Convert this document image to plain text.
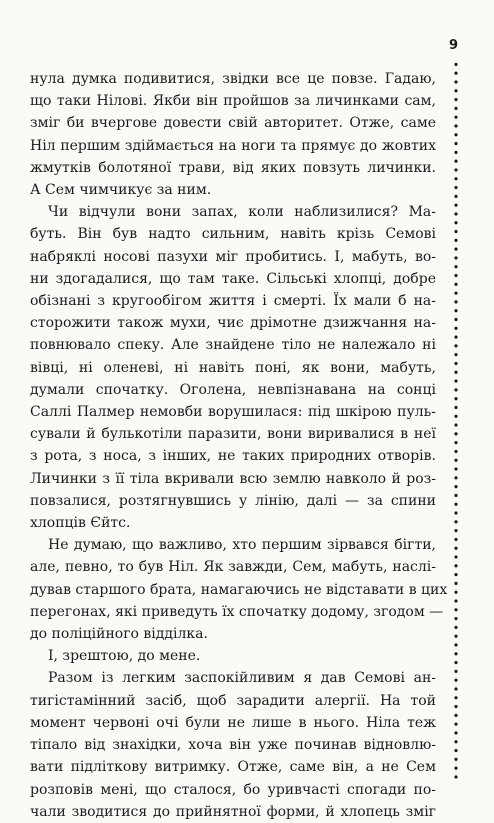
9

нула думка подивитися, звідки все це повзе. Гадаю,
що таки Нілові. Якби він пройшов за личинками сам,
зміг би вчергове довести свій авторитет. Отже, саме
Ніл першим здіймається на ноги та прямує до жовтих
жмутків болотяної трави, від яких повзуть личинки.
А Сем чимчикує за ним.

Чи відчули вони запах, коли наблизилися? Ма-
буть. Він був надто сильним, навіть крізь Семові
набряклі носові пазухи міг пробитись. І, мабуть, во-
ни здогадалися, що там таке. Сільські хлопці, добре
обізнані з кругообігом життя і смерті. Їх мали б на-
сторожити також мухи, чиє дрімотне дзижчання на-
повнювало спеку. Але знайдене тіло не належало ні
вівці, ні оленеві, ні навіть поні, як вони, мабуть,
думали спочатку. Оголена, невпізнавана на сонці
Саллі Палмер немовби ворушилася: під шкірою пуль-
сували й булькотіли паразити, вони виривалися в неї
з рота, з носа, з інших, не таких природних отворів.
Личинки з її тіла вкривали всю землю навколо й роз-
повзалися, розтягнувшись у лінію, далі — за спини
хлопців Єйтс.

Не думаю, що важливо, хто першим зірвався бігти,
але, певно, то був Ніл. Як завжди, Сем, мабуть, наслі-
дував старшого брата, намагаючись не відставати в цих
перегонах, які приведуть їх спочатку додому, згодом —
до поліційного відділка.

І, зрештою, до мене.

Разом із легким заспокійливим я дав Семові ан-
тигістамінний засіб, щоб зарадити алергії. На той
момент червоні очі були не лише в нього. Ніла теж
тіпало від знахідки, хоча він уже починав відновлю-
вати підліткову витримку. Отже, саме він, а не Сем
розповів мені, що сталося, бо уривчасті спогади по-
чали зводитися до прийнятної форми, й хлопець зміг
